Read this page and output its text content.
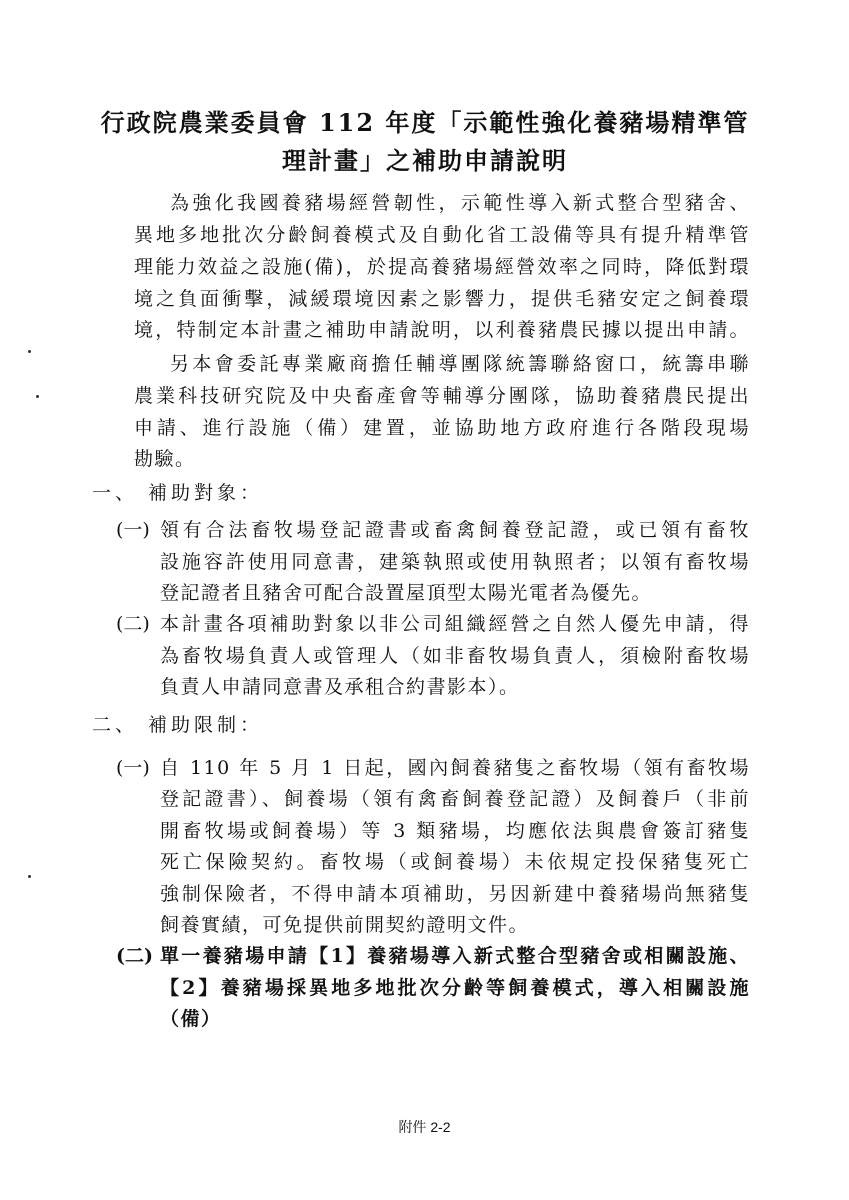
行政院農業委員會 112 年度「示範性強化養豬場精準管
理計畫」之補助申請說明
為強化我國養豬場經營韌性，示範性導入新式整合型豬舍、
異地多地批次分齡飼養模式及自動化省工設備等具有提升精準管
理能力效益之設施(備)，於提高養豬場經營效率之同時，降低對環
境之負面衝擊，減緩環境因素之影響力，提供毛豬安定之飼養環
境，特制定本計畫之補助申請說明，以利養豬農民據以提出申請。
另本會委託專業廠商擔任輔導團隊統籌聯絡窗口，統籌串聯
農業科技研究院及中央畜產會等輔導分團隊，協助養豬農民提出
申請、進行設施（備）建置，並協助地方政府進行各階段現場
勘驗。
一、 補助對象：
(一) 領有合法畜牧場登記證書或畜禽飼養登記證，或已領有畜牧
設施容許使用同意書，建築執照或使用執照者；以領有畜牧場
登記證者且豬舍可配合設置屋頂型太陽光電者為優先。
(二) 本計畫各項補助對象以非公司組織經營之自然人優先申請，得
為畜牧場負責人或管理人（如非畜牧場負責人，須檢附畜牧場
負責人申請同意書及承租合約書影本）。
二、 補助限制：
(一) 自 110 年 5 月 1 日起，國內飼養豬隻之畜牧場（領有畜牧場
登記證書）、飼養場（領有禽畜飼養登記證）及飼養戶（非前
開畜牧場或飼養場）等 3 類豬場，均應依法與農會簽訂豬隻
死亡保險契約。畜牧場（或飼養場）未依規定投保豬隻死亡
強制保險者，不得申請本項補助，另因新建中養豬場尚無豬隻
飼養實績，可免提供前開契約證明文件。
(二) 單一養豬場申請【1】養豬場導入新式整合型豬舍或相關設施、
【2】養豬場採異地多地批次分齡等飼養模式，導入相關設施
（備）
附件 2-2
